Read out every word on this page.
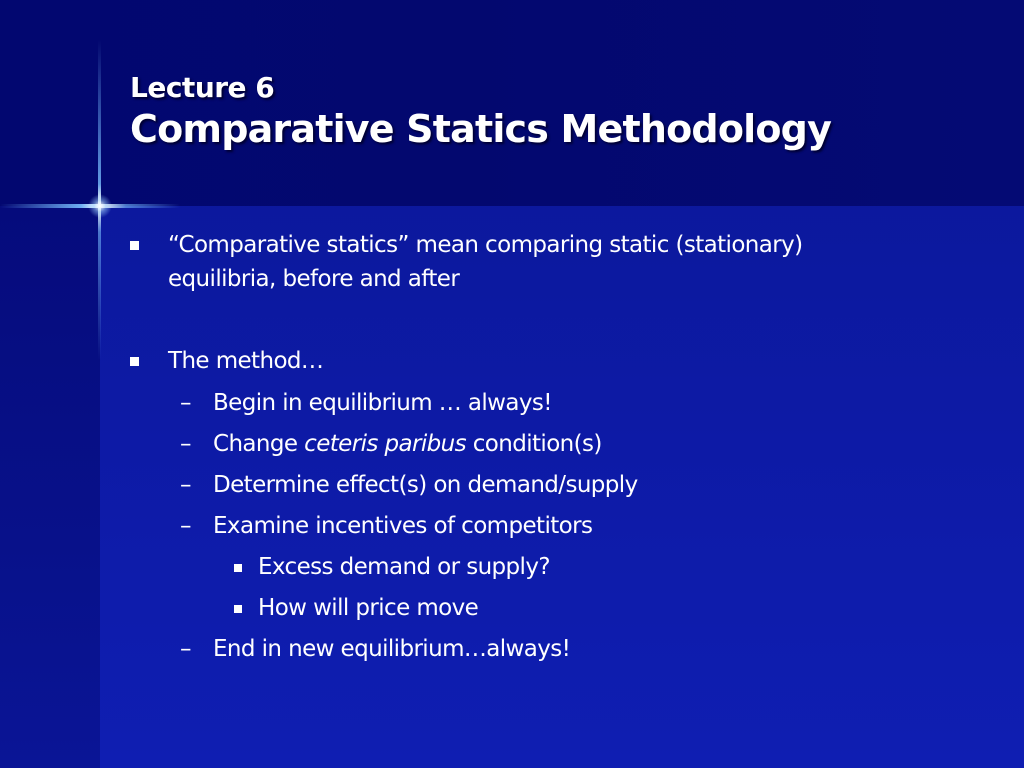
Lecture 6
Comparative Statics Methodology
“Comparative statics” mean comparing static (stationary)
equilibria, before and after
The method…
– Begin in equilibrium … always!
– Change ceteris paribus condition(s)
– Determine effect(s) on demand/supply
– Examine incentives of competitors
Excess demand or supply?
How will price move
– End in new equilibrium…always!
